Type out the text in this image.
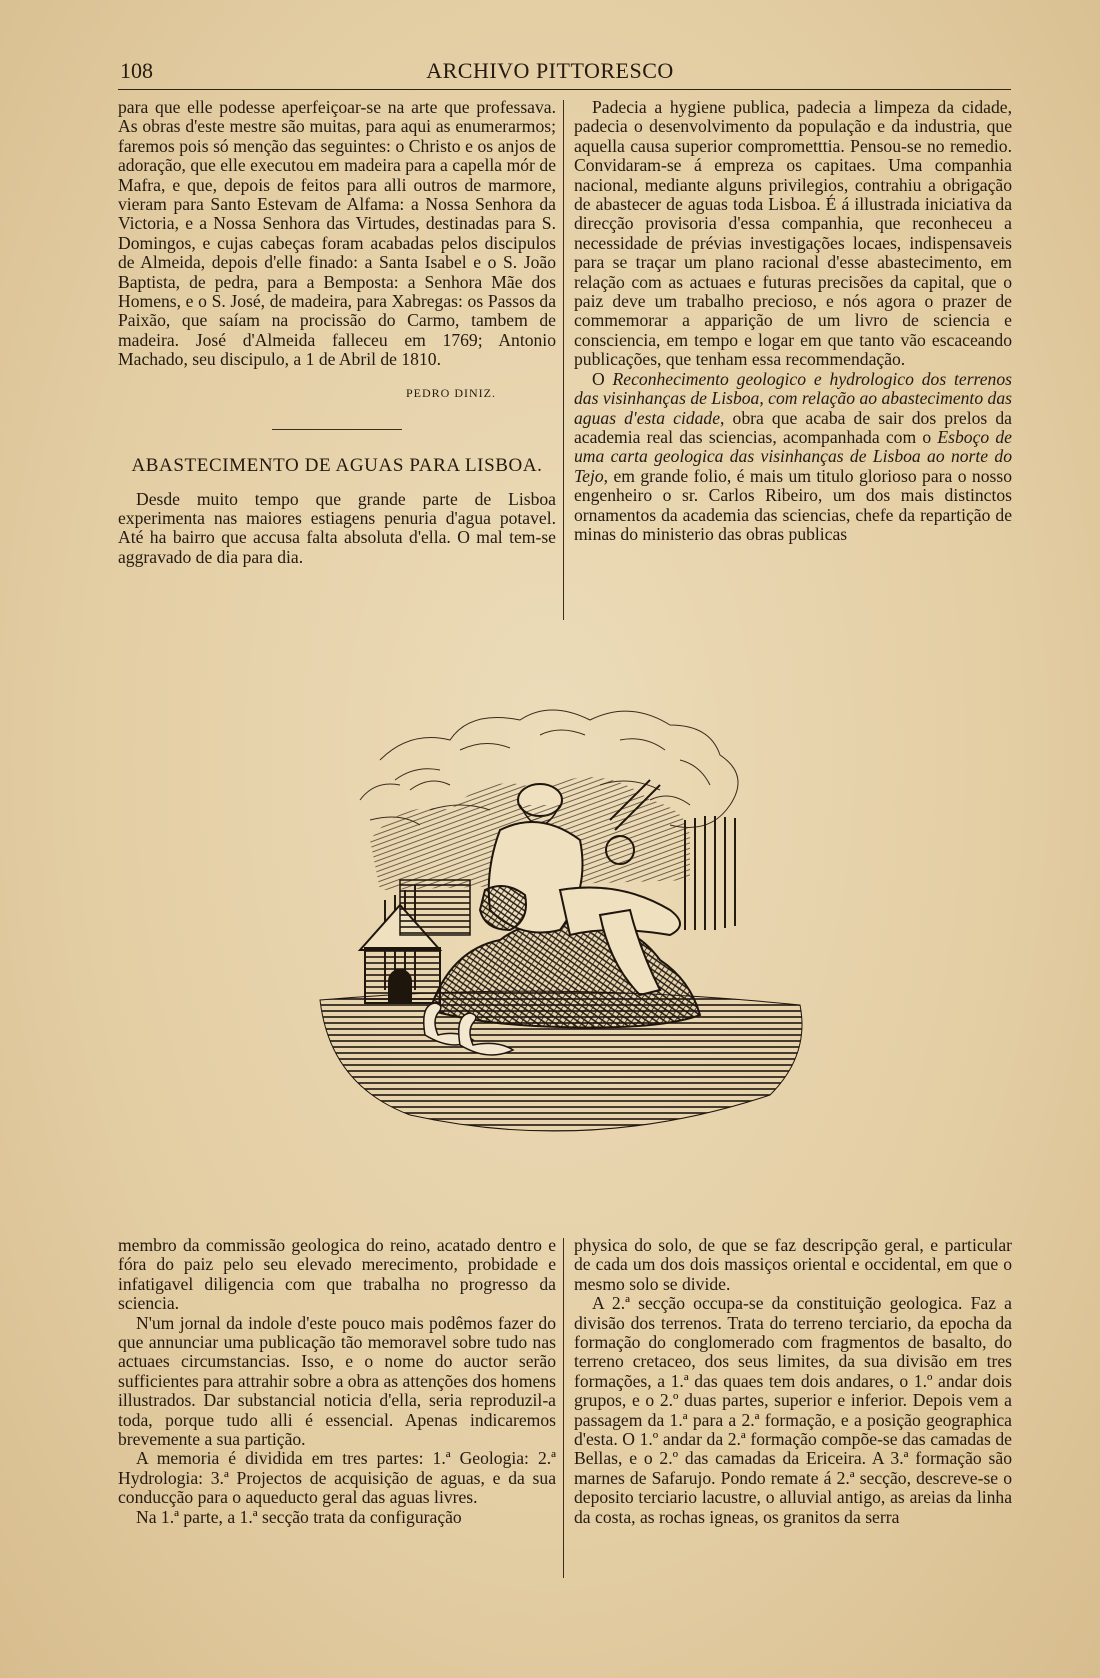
108	ARCHIVO PITTORESCO

para que elle podesse aperfeiçoar-se na arte que professava. As obras d'este mestre são muitas, para aqui as enumerarmos; faremos pois só menção das seguintes: o Christo e os anjos de adoração, que elle executou em madeira para a capella mór de Mafra, e que, depois de feitos para alli outros de marmore, vieram para Santo Estevam de Alfama: a Nossa Senhora da Victoria, e a Nossa Senhora das Virtudes, destinadas para S. Domingos, e cujas cabeças foram acabadas pelos discipulos de Almeida, depois d'elle finado: a Santa Isabel e o S. João Baptista, de pedra, para a Bemposta: a Senhora Mãe dos Homens, e o S. José, de madeira, para Xabregas: os Passos da Paixão, que saíam na procissão do Carmo, tambem de madeira. José d'Almeida falleceu em 1769; Antonio Machado, seu discipulo, a 1 de Abril de 1810.

PEDRO DINIZ.
ABASTECIMENTO DE AGUAS PARA LISBOA.

Desde muito tempo que grande parte de Lisboa experimenta nas maiores estiagens penuria d'agua potavel. Até ha bairro que accusa falta absoluta d'ella. O mal tem-se aggravado de dia para dia.

Padecia a hygiene publica, padecia a limpeza da cidade, padecia o desenvolvimento da população e da industria, que aquella causa superior comprometttia. Pensou-se no remedio. Convidaram-se á empreza os capitaes. Uma companhia nacional, mediante alguns privilegios, contrahiu a obrigação de abastecer de aguas toda Lisboa. É á illustrada iniciativa da direcção provisoria d'essa companhia, que reconheceu a necessidade de prévias investigações locaes, indispensaveis para se traçar um plano racional d'esse abastecimento, em relação com as actuaes e futuras precisões da capital, que o paiz deve um trabalho precioso, e nós agora o prazer de commemorar a apparição de um livro de sciencia e consciencia, em tempo e logar em que tanto vão escaceando publicações, que tenham essa recommendação.

O Reconhecimento geologico e hydrologico dos terrenos das visinhanças de Lisboa, com relação ao abastecimento das aguas d'esta cidade, obra que acaba de sair dos prelos da academia real das sciencias, acompanhada com o Esboço de uma carta geologica das visinhanças de Lisboa ao norte do Tejo, em grande folio, é mais um titulo glorioso para o nosso engenheiro o sr. Carlos Ribeiro, um dos mais distinctos ornamentos da academia das sciencias, chefe da repartição de minas do ministerio das obras publicas

membro da commissão geologica do reino, acatado dentro e fóra do paiz pelo seu elevado merecimento, probidade e infatigavel diligencia com que trabalha no progresso da sciencia.

N'um jornal da indole d'este pouco mais podêmos fazer do que annunciar uma publicação tão memoravel sobre tudo nas actuaes circumstancias. Isso, e o nome do auctor serão sufficientes para attrahir sobre a obra as attenções dos homens illustrados. Dar substancial noticia d'ella, seria reproduzil-a toda, porque tudo alli é essencial. Apenas indicaremos brevemente a sua partição.

A memoria é dividida em tres partes: 1.ª Geologia: 2.ª Hydrologia: 3.ª Projectos de acquisição de aguas, e da sua conducção para o aqueducto geral das aguas livres.

Na 1.ª parte, a 1.ª secção trata da configuração

physica do solo, de que se faz descripção geral, e particular de cada um dos dois massiços oriental e occidental, em que o mesmo solo se divide.

A 2.ª secção occupa-se da constituição geologica. Faz a divisão dos terrenos. Trata do terreno terciario, da epocha da formação do conglomerado com fragmentos de basalto, do terreno cretaceo, dos seus limites, da sua divisão em tres formações, a 1.ª das quaes tem dois andares, o 1.º andar dois grupos, e o 2.º duas partes, superior e inferior. Depois vem a passagem da 1.ª para a 2.ª formação, e a posição geographica d'esta. O 1.º andar da 2.ª formação compõe-se das camadas de Bellas, e o 2.º das camadas da Ericeira. A 3.ª formação são marnes de Safarujo. Pondo remate á 2.ª secção, descreve-se o deposito terciario lacustre, o alluvial antigo, as areias da linha da costa, as rochas igneas, os granitos da serra
